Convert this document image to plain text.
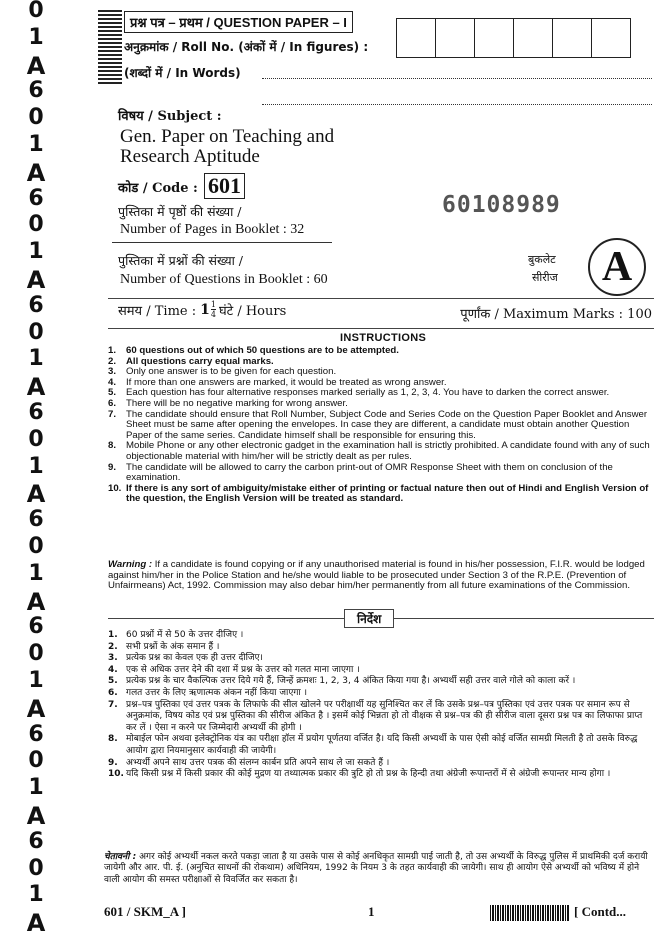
0
1
A
6
0
1
A
6
0
1
A
6
0
1
A
6
0
1
A
6
0
1
A
6
0
1
A
6
0
1
A
6
0
1
A
प्रश्न पत्र – प्रथम / QUESTION PAPER – I
अनुक्रमांक / Roll No. (अंकों में / In figures) :
(शब्दों में / In Words)
विषय / Subject :
Gen. Paper on Teaching and
Research Aptitude
कोड / Code : 601
60108989
पुस्तिका में पृष्ठों की संख्या /
Number of Pages in Booklet : 32
पुस्तिका में प्रश्नों की संख्या /
Number of Questions in Booklet : 60
बुकलेट
सीरीज	A
समय / Time : $1 \frac{1}{4}$ घंटे / Hours	पूर्णांक / Maximum Marks : 100
INSTRUCTIONS
1.	60 questions out of which 50 questions are to be attempted.
2.	All questions carry equal marks.
3.	Only one answer is to be given for each question.
4.	If more than one answers are marked, it would be treated as wrong answer.
5.	Each question has four alternative responses marked serially as 1, 2, 3, 4. You have to darken the correct answer.
6.	There will be no negative marking for wrong answer.
7.	The candidate should ensure that Roll Number, Subject Code and Series Code on the Question Paper Booklet and Answer Sheet must be same after opening the envelopes. In case they are different, a candidate must obtain another Question Paper of the same series. Candidate himself shall be responsible for ensuring this.
8.	Mobile Phone or any other electronic gadget in the examination hall is strictly prohibited. A candidate found with any of such objectionable material with him/her will be strictly dealt as per rules.
9.	The candidate will be allowed to carry the carbon print-out of OMR Response Sheet with them on conclusion of the examination.
10. If there is any sort of ambiguity/mistake either of printing or factual nature then out of Hindi and English Version of the question, the English Version will be treated as standard.
Warning : If a candidate is found copying or if any unauthorised material is found in his/her possession, F.I.R. would be lodged against him/her in the Police Station and he/she would liable to be prosecuted under Section 3 of the R.P.E. (Prevention of Unfairmeans) Act, 1992. Commission may also debar him/her permanently from all future examinations of the Commission.
निर्देश
1. 60 प्रश्नों में से 50 के उत्तर दीजिए ।
2. सभी प्रश्नों के अंक समान हैं ।
3. प्रत्येक प्रश्न का केवल एक ही उत्तर दीजिए।
4. एक से अधिक उत्तर देने की दशा में प्रश्न के उत्तर को गलत माना जाएगा ।
5. प्रत्येक प्रश्न के चार वैकल्पिक उत्तर दिये गये हैं, जिन्हें क्रमशः 1, 2, 3, 4 अंकित किया गया है। अभ्यर्थी सही उत्तर वाले गोले को काला करें ।
6. गलत उत्तर के लिए ऋणात्मक अंकन नहीं किया जाएगा ।
7. प्रश्न–पत्र पुस्तिका एवं उत्तर पत्रक के लिफाफे की सील खोलने पर परीक्षार्थी यह सुनिश्चित कर लें कि उसके प्रश्न–पत्र पुस्तिका एवं उत्तर पत्रक पर समान रूप से अनुक्रमांक, विषय कोड एवं प्रश्न पुस्तिका की सीरीज अंकित है । इसमें कोई भिन्नता हो तो वीक्षक से प्रश्न–पत्र की ही सीरीज वाला दूसरा प्रश्न पत्र का लिफाफा प्राप्त कर लें । ऐसा न करने पर जिम्मेदारी अभ्यर्थी की होगी ।
8. मोबाईल फोन अथवा इलेक्ट्रोनिक यंत्र का परीक्षा हॉल में प्रयोग पूर्णतया वर्जित है। यदि किसी अभ्यर्थी के पास ऐसी कोई वर्जित सामग्री मिलती है तो उसके विरुद्ध आयोग द्वारा नियमानुसार कार्यवाही की जायेगी।
9. अभ्यर्थी अपने साथ उत्तर पत्रक की संलग्न कार्बन प्रति अपने साथ ले जा सकते हैं ।
10. यदि किसी प्रश्न में किसी प्रकार की कोई मुद्रण या तथ्यात्मक प्रकार की त्रुटि हो तो प्रश्न के हिन्दी तथा अंग्रेजी रूपान्तरों में से अंग्रेजी रूपान्तर मान्य होगा ।
चेतावनी : अगर कोई अभ्यर्थी नकल करते पकड़ा जाता है या उसके पास से कोई अनधिकृत सामग्री पाई जाती है, तो उस अभ्यर्थी के विरुद्ध पुलिस में प्राथमिकी दर्ज करायी जायेगी और आर. पी. ई. (अनुचित साधनों की रोकथाम) अधिनियम, 1992 के नियम 3 के तहत कार्यवाही की जायेगी। साथ ही आयोग ऐसे अभ्यर्थी को भविष्य में होने वाली आयोग की समस्त परीक्षाओं से विवर्जित कर सकता है।
601 / SKM_A ]	1	[ Contd...
